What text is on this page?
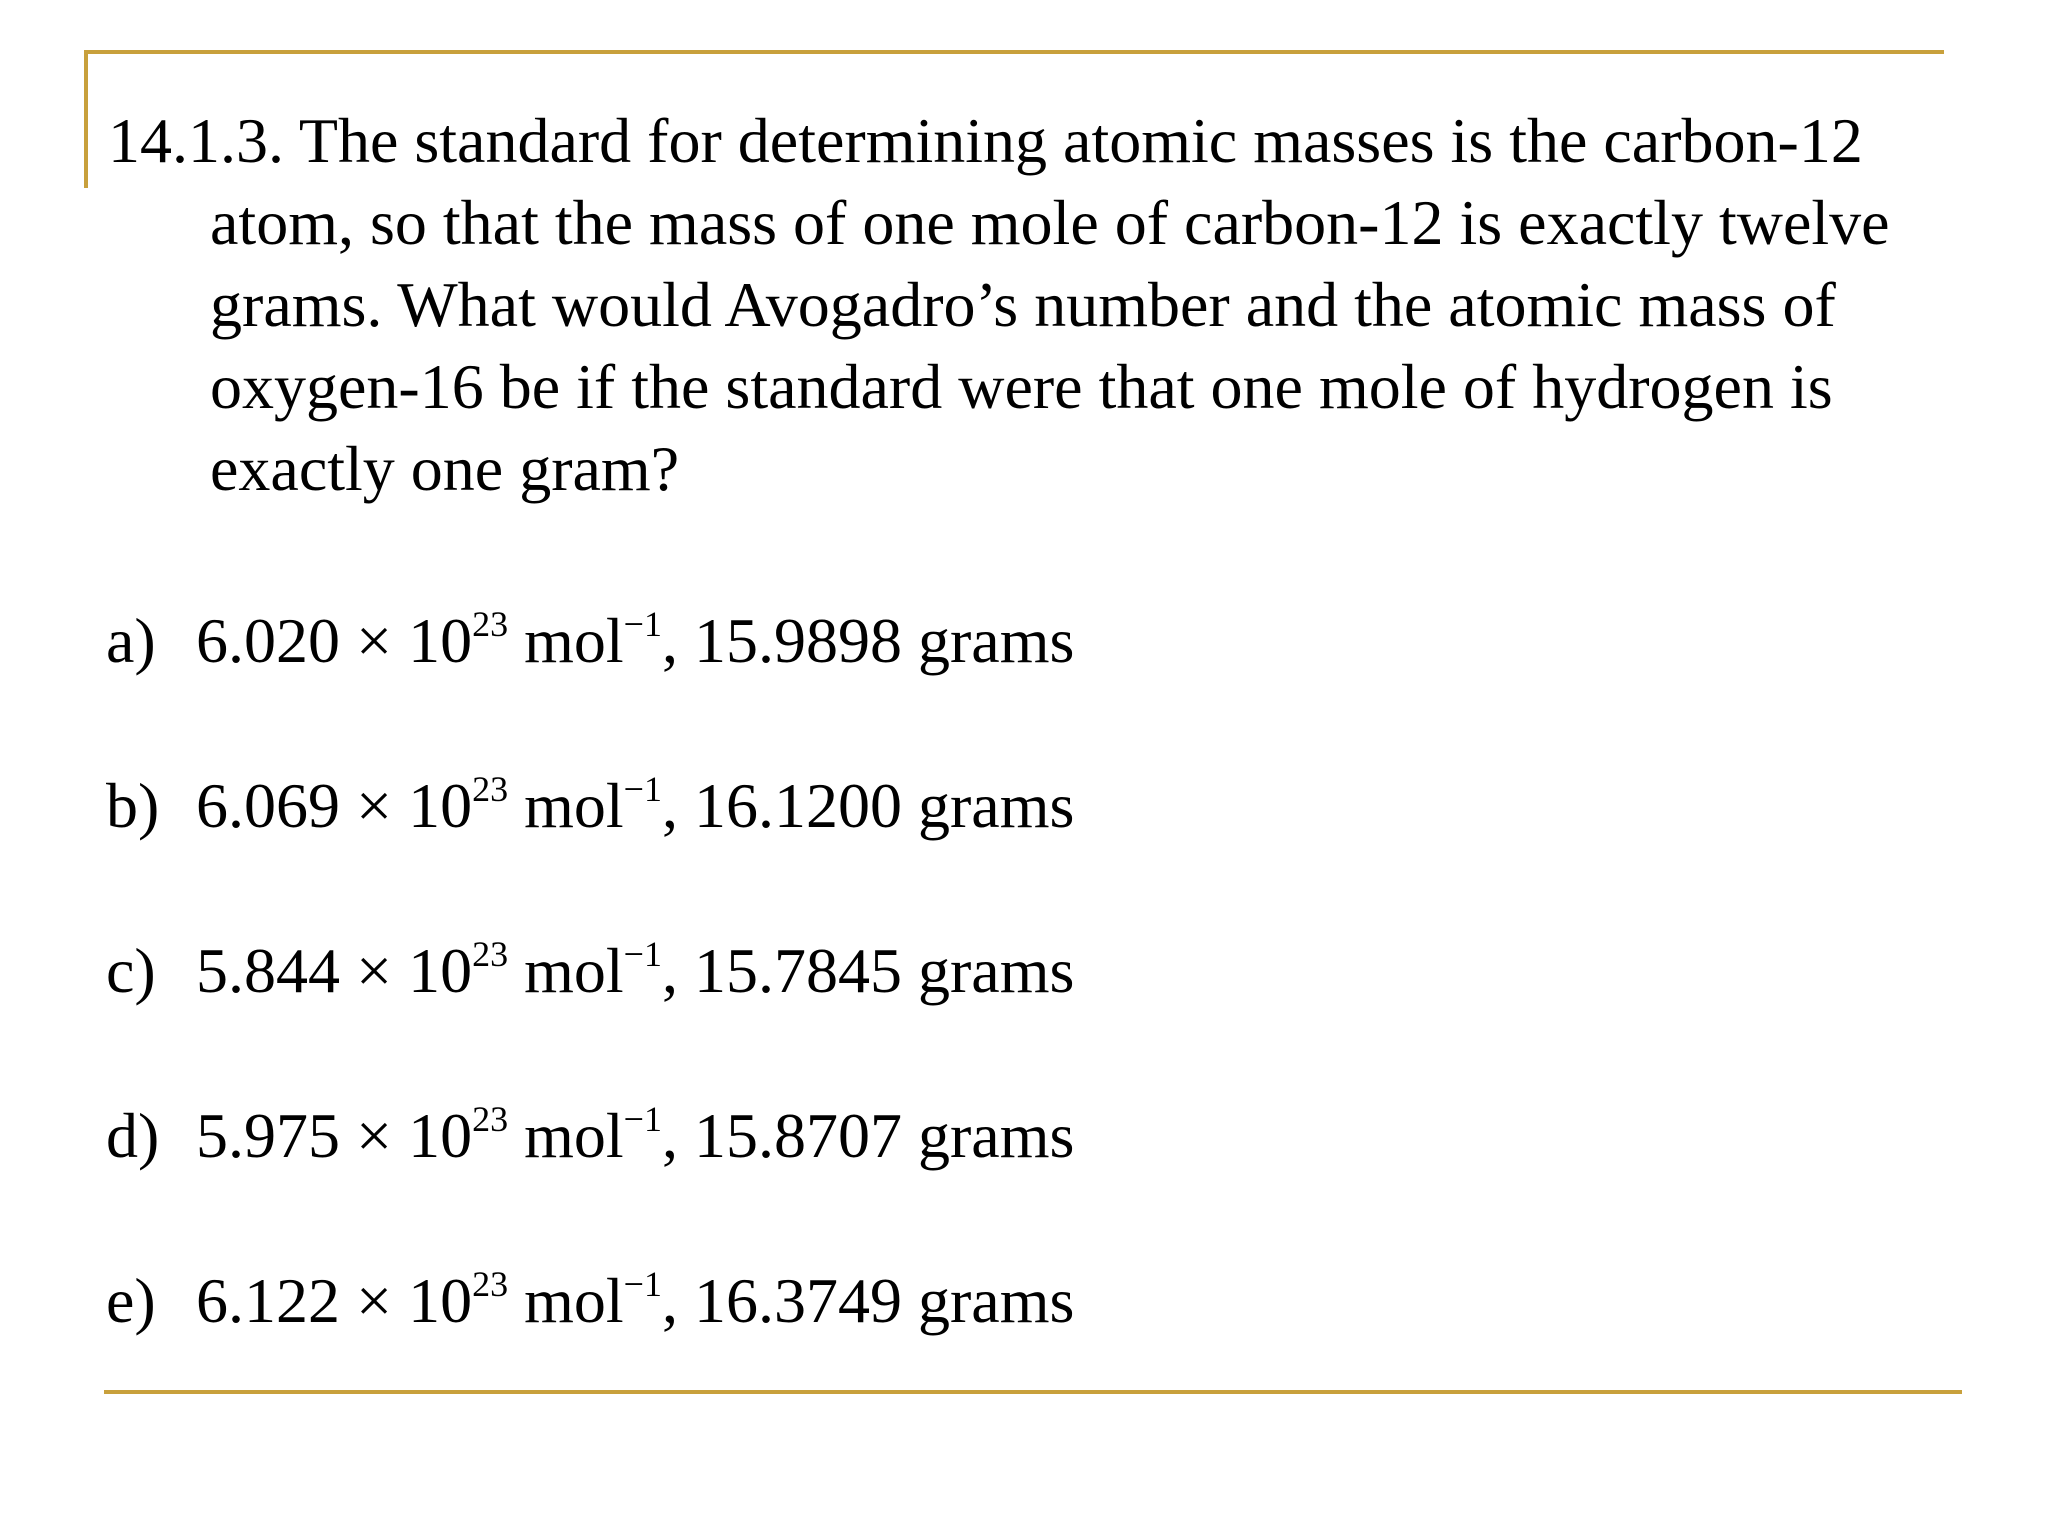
14.1.3. The standard for determining atomic masses is the carbon-12
atom, so that the mass of one mole of carbon-12 is exactly twelve
grams. What would Avogadro’s number and the atomic mass of
oxygen-16 be if the standard were that one mole of hydrogen is
exactly one gram?
a) $6.020 \times 10^{23}$ mol$^{-1}$, 15.9898 grams
b) $6.069 \times 10^{23}$ mol$^{-1}$, 16.1200 grams
c) $5.844 \times 10^{23}$ mol$^{-1}$, 15.7845 grams
d) $5.975 \times 10^{23}$ mol$^{-1}$, 15.8707 grams
e) $6.122 \times 10^{23}$ mol$^{-1}$, 16.3749 grams
